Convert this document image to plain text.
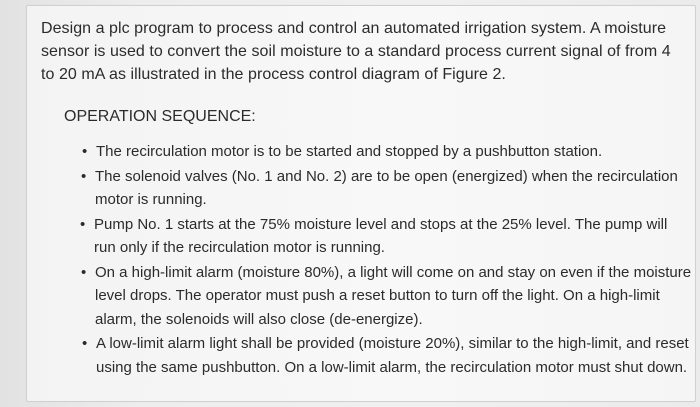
Design a plc program to process and control an automated irrigation system. A moisture sensor is used to convert the soil moisture to a standard process current signal of from 4 to 20 mA as illustrated in the process control diagram of Figure 2.

OPERATION SEQUENCE:

• The recirculation motor is to be started and stopped by a pushbutton station.
• The solenoid valves (No. 1 and No. 2) are to be open (energized) when the recirculation motor is running.
• Pump No. 1 starts at the 75% moisture level and stops at the 25% level. The pump will run only if the recirculation motor is running.
• On a high-limit alarm (moisture 80%), a light will come on and stay on even if the moisture level drops. The operator must push a reset button to turn off the light. On a high-limit alarm, the solenoids will also close (de-energize).
• A low-limit alarm light shall be provided (moisture 20%), similar to the high-limit, and reset using the same pushbutton. On a low-limit alarm, the recirculation motor must shut down.
